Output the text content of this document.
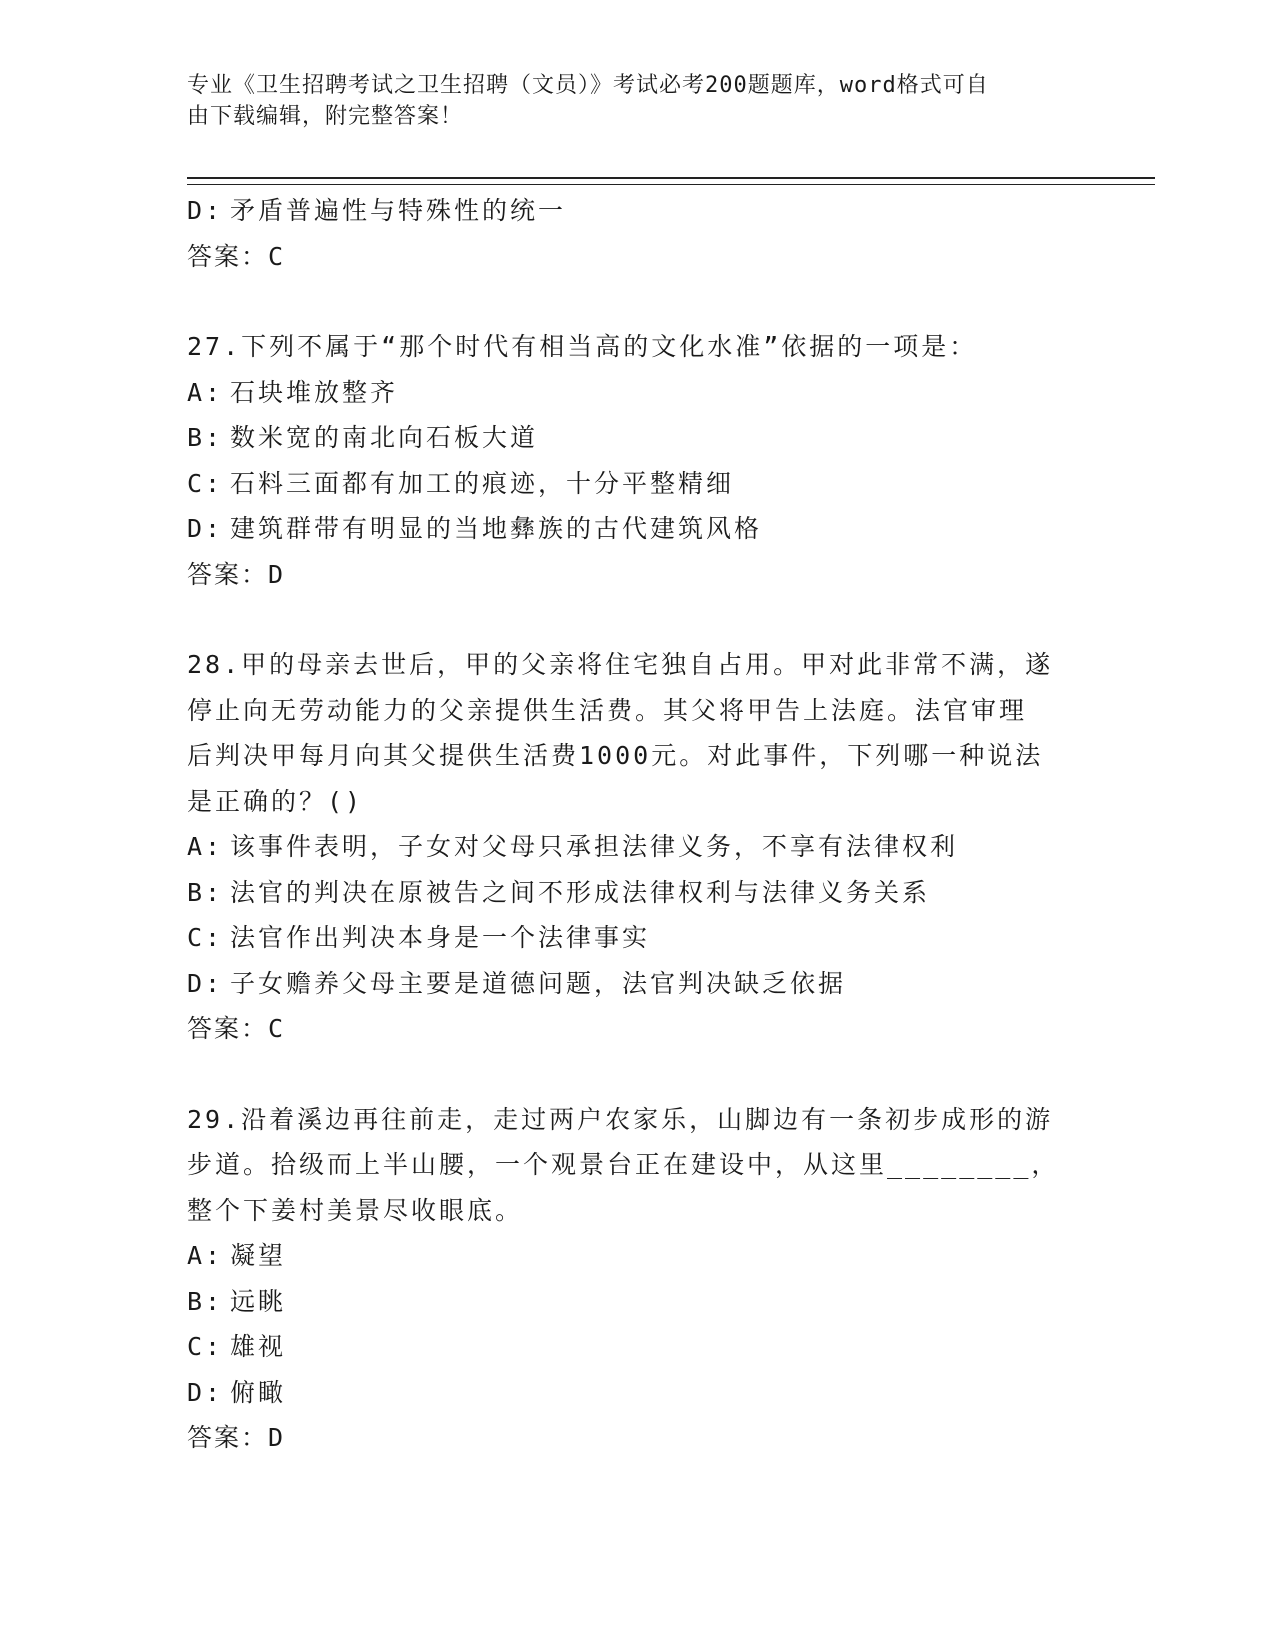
专业《卫生招聘考试之卫生招聘（文员）》考试必考200题题库，word格式可自
由下载编辑，附完整答案！
D: 矛盾普遍性与特殊性的统一
答案：C
27.下列不属于“那个时代有相当高的文化水准”依据的一项是：
A: 石块堆放整齐
B: 数米宽的南北向石板大道
C: 石料三面都有加工的痕迹，十分平整精细
D: 建筑群带有明显的当地彝族的古代建筑风格
答案：D
28.甲的母亲去世后，甲的父亲将住宅独自占用。甲对此非常不满，遂
停止向无劳动能力的父亲提供生活费。其父将甲告上法庭。法官审理
后判决甲每月向其父提供生活费1000元。对此事件，下列哪一种说法
是正确的？()
A: 该事件表明，子女对父母只承担法律义务，不享有法律权利
B: 法官的判决在原被告之间不形成法律权利与法律义务关系
C: 法官作出判决本身是一个法律事实
D: 子女赡养父母主要是道德问题，法官判决缺乏依据
答案：C
29.沿着溪边再往前走，走过两户农家乐，山脚边有一条初步成形的游
步道。拾级而上半山腰，一个观景台正在建设中，从这里________，
整个下姜村美景尽收眼底。
A: 凝望
B: 远眺
C: 雄视
D: 俯瞰
答案：D
